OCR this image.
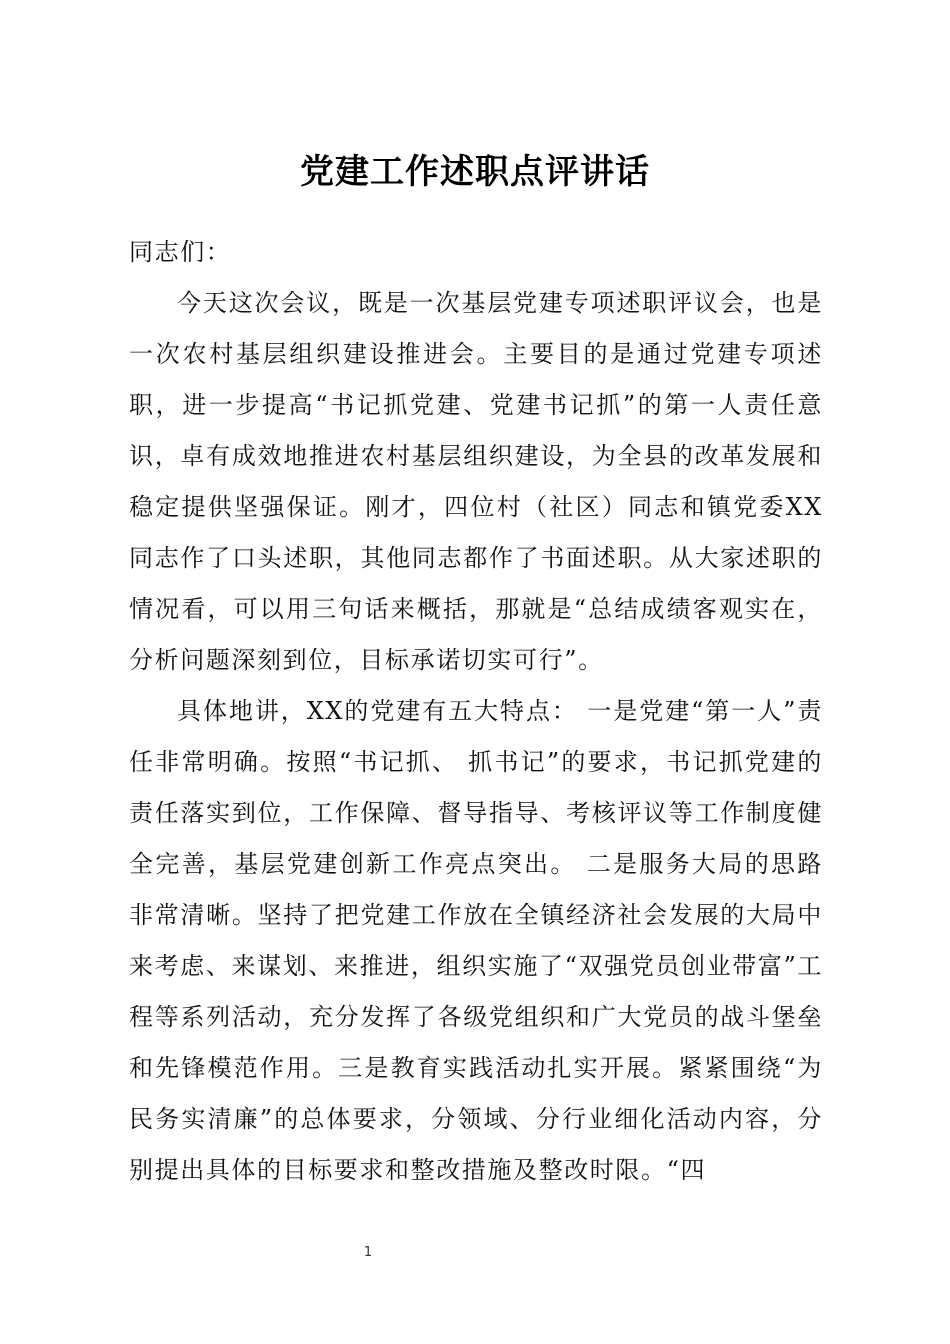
党建工作述职点评讲话

同志们：

今天这次会议，既是一次基层党建专项述职评议会，也是一次农村基层组织建设推进会。主要目的是通过党建专项述职，进一步提高“书记抓党建、党建书记抓”的第一人责任意识，卓有成效地推进农村基层组织建设，为全县的改革发展和稳定提供坚强保证。刚才，四位村（社区）同志和镇党委XX同志作了口头述职，其他同志都作了书面述职。从大家述职的情况看，可以用三句话来概括，那就是“总结成绩客观实在，分析问题深刻到位，目标承诺切实可行”。

具体地讲，XX的党建有五大特点： 一是党建“第一人”责任非常明确。按照“书记抓、 抓书记”的要求，书记抓党建的责任落实到位，工作保障、督导指导、考核评议等工作制度健全完善，基层党建创新工作亮点突出。 二是服务大局的思路非常清晰。坚持了把党建工作放在全镇经济社会发展的大局中来考虑、来谋划、来推进，组织实施了“双强党员创业带富”工程等系列活动，充分发挥了各级党组织和广大党员的战斗堡垒和先锋模范作用。三是教育实践活动扎实开展。紧紧围绕“为民务实清廉”的总体要求，分领域、分行业细化活动内容，分别提出具体的目标要求和整改措施及整改时限。“四

1
